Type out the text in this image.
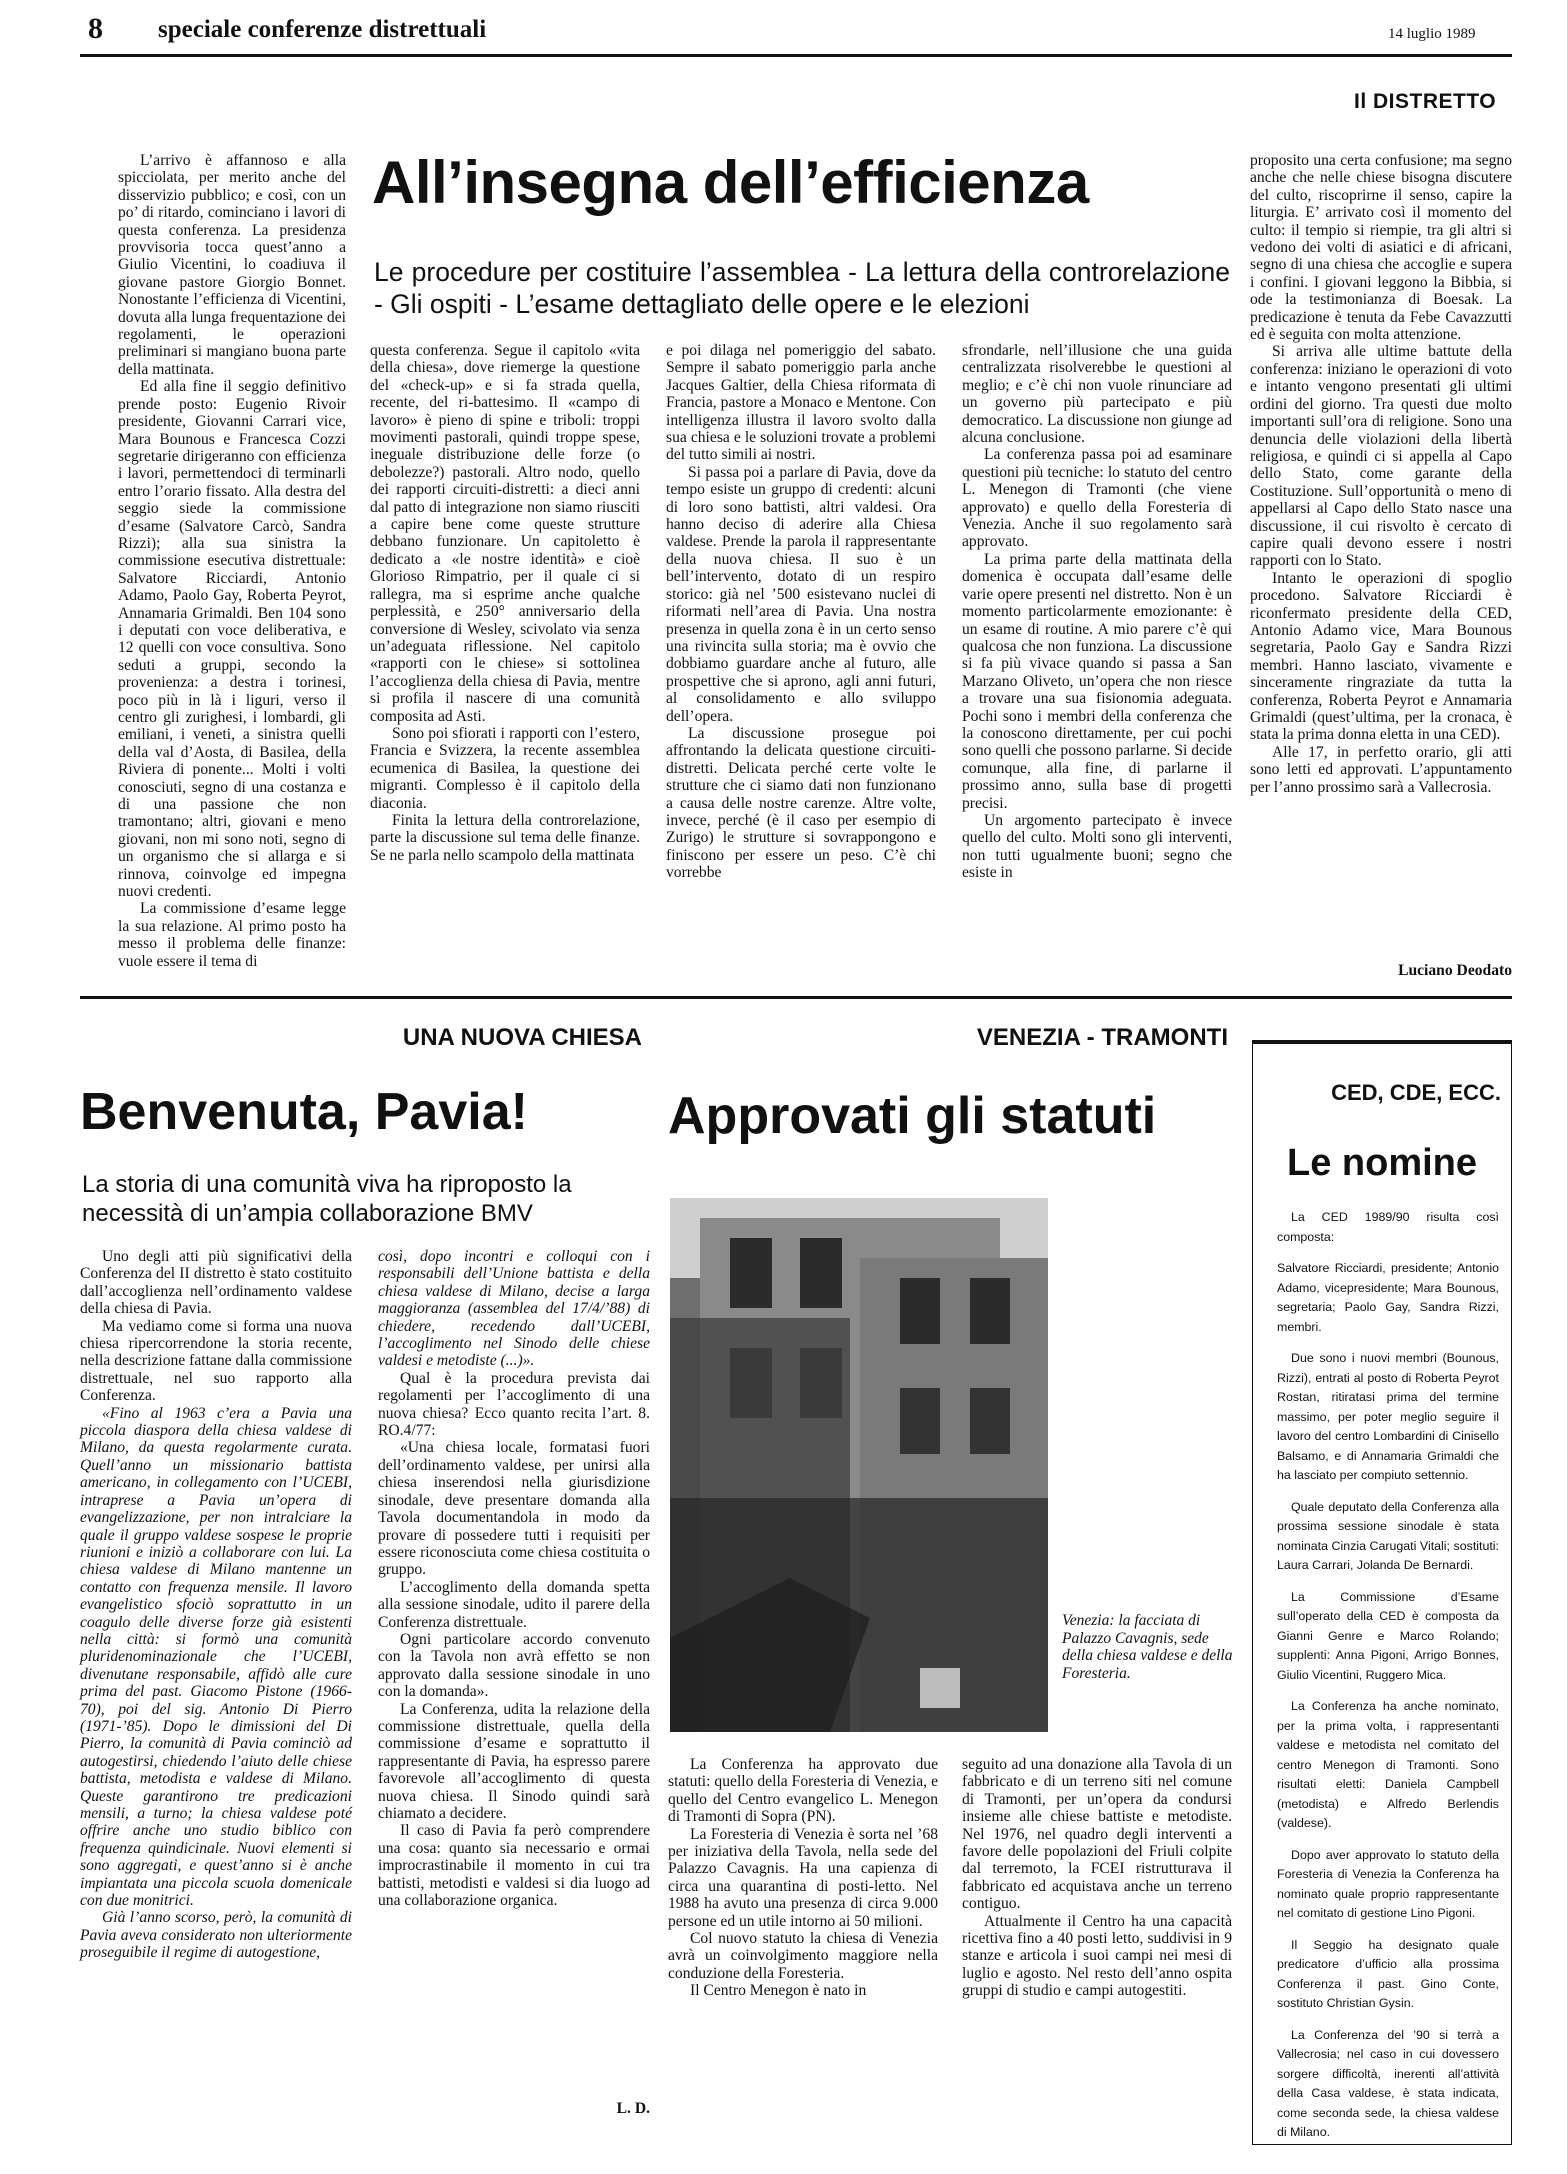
8 speciale conferenze distrettuali	14 luglio 1989
Il DISTRETTO
All’insegna dell’efficienza
Le procedure per costituire l’assemblea - La lettura della controrelazione - Gli ospiti - L’esame dettagliato delle opere e le elezioni

L’arrivo è affannoso e alla spicciolata, per merito anche del disservizio pubblico; e così, con un po’ di ritardo, cominciano i lavori di questa conferenza. La presidenza provvisoria tocca quest’anno a Giulio Vicentini, lo coadiuva il giovane pastore Giorgio Bonnet. Nonostante l’efficienza di Vicentini, dovuta alla lunga frequentazione dei regolamenti, le operazioni preliminari si mangiano buona parte della mattinata.

Ed alla fine il seggio definitivo prende posto: Eugenio Rivoir presidente, Giovanni Carrari vice, Mara Bounous e Francesca Cozzi segretarie dirigeranno con efficienza i lavori, permettendoci di terminarli entro l’orario fissato. Alla destra del seggio siede la commissione d’esame (Salvatore Carcò, Sandra Rizzi); alla sua sinistra la commissione esecutiva distrettuale: Salvatore Ricciardi, Antonio Adamo, Paolo Gay, Roberta Peyrot, Annamaria Grimaldi. Ben 104 sono i deputati con voce deliberativa, e 12 quelli con voce consultiva. Sono seduti a gruppi, secondo la provenienza: a destra i torinesi, poco più in là i liguri, verso il centro gli zurighesi, i lombardi, gli emiliani, i veneti, a sinistra quelli della val d’Aosta, di Basilea, della Riviera di ponente... Molti i volti conosciuti, segno di una costanza e di una passione che non tramontano; altri, giovani e meno giovani, non mi sono noti, segno di un organismo che si allarga e si rinnova, coinvolge ed impegna nuovi credenti.

La commissione d’esame legge la sua relazione. Al primo posto ha messo il problema delle finanze: vuole essere il tema di

questa conferenza. Segue il capitolo «vita della chiesa», dove riemerge la questione del «check-up» e si fa strada quella, recente, del ri-battesimo. Il «campo di lavoro» è pieno di spine e triboli: troppi movimenti pastorali, quindi troppe spese, ineguale distribuzione delle forze (o debolezze?) pastorali. Altro nodo, quello dei rapporti circuiti-distretti: a dieci anni dal patto di integrazione non siamo riusciti a capire bene come queste strutture debbano funzionare. Un capitoletto è dedicato a «le nostre identità» e cioè Glorioso Rimpatrio, per il quale ci si rallegra, ma si esprime anche qualche perplessità, e 250° anniversario della conversione di Wesley, scivolato via senza un’adeguata riflessione. Nel capitolo «rapporti con le chiese» si sottolinea l’accoglienza della chiesa di Pavia, mentre si profila il nascere di una comunità composita ad Asti.

Sono poi sfiorati i rapporti con l’estero, Francia e Svizzera, la recente assemblea ecumenica di Basilea, la questione dei migranti. Complesso è il capitolo della diaconia.

Finita la lettura della controrelazione, parte la discussione sul tema delle finanze. Se ne parla nello scampolo della mattinata

e poi dilaga nel pomeriggio del sabato. Sempre il sabato pomeriggio parla anche Jacques Galtier, della Chiesa riformata di Francia, pastore a Monaco e Mentone. Con intelligenza illustra il lavoro svolto dalla sua chiesa e le soluzioni trovate a problemi del tutto simili ai nostri.

Si passa poi a parlare di Pavia, dove da tempo esiste un gruppo di credenti: alcuni di loro sono battisti, altri valdesi. Ora hanno deciso di aderire alla Chiesa valdese. Prende la parola il rappresentante della nuova chiesa. Il suo è un bell’intervento, dotato di un respiro storico: già nel ’500 esistevano nuclei di riformati nell’area di Pavia. Una nostra presenza in quella zona è in un certo senso una rivincita sulla storia; ma è ovvio che dobbiamo guardare anche al futuro, alle prospettive che si aprono, agli anni futuri, al consolidamento e allo sviluppo dell’opera.

La discussione prosegue poi affrontando la delicata questione circuiti-distretti. Delicata perché certe volte le strutture che ci siamo dati non funzionano a causa delle nostre carenze. Altre volte, invece, perché (è il caso per esempio di Zurigo) le strutture si sovrappongono e finiscono per essere un peso. C’è chi vorrebbe

sfrondarle, nell’illusione che una guida centralizzata risolverebbe le questioni al meglio; e c’è chi non vuole rinunciare ad un governo più partecipato e più democratico. La discussione non giunge ad alcuna conclusione.

La conferenza passa poi ad esaminare questioni più tecniche: lo statuto del centro L. Menegon di Tramonti (che viene approvato) e quello della Foresteria di Venezia. Anche il suo regolamento sarà approvato.

La prima parte della mattinata della domenica è occupata dall’esame delle varie opere presenti nel distretto. Non è un momento particolarmente emozionante: è un esame di routine. A mio parere c’è qui qualcosa che non funziona. La discussione si fa più vivace quando si passa a San Marzano Oliveto, un’opera che non riesce a trovare una sua fisionomia adeguata. Pochi sono i membri della conferenza che la conoscono direttamente, per cui pochi sono quelli che possono parlarne. Si decide comunque, alla fine, di parlarne il prossimo anno, sulla base di progetti precisi.

Un argomento partecipato è invece quello del culto. Molti sono gli interventi, non tutti ugualmente buoni; segno che esiste in

proposito una certa confusione; ma segno anche che nelle chiese bisogna discutere del culto, riscoprirne il senso, capire la liturgia. E’ arrivato così il momento del culto: il tempio si riempie, tra gli altri si vedono dei volti di asiatici e di africani, segno di una chiesa che accoglie e supera i confini. I giovani leggono la Bibbia, si ode la testimonianza di Boesak. La predicazione è tenuta da Febe Cavazzutti ed è seguita con molta attenzione.

Si arriva alle ultime battute della conferenza: iniziano le operazioni di voto e intanto vengono presentati gli ultimi ordini del giorno. Tra questi due molto importanti sull’ora di religione. Sono una denuncia delle violazioni della libertà religiosa, e quindi ci si appella al Capo dello Stato, come garante della Costituzione. Sull’opportunità o meno di appellarsi al Capo dello Stato nasce una discussione, il cui risvolto è cercato di capire quali devono essere i nostri rapporti con lo Stato.

Intanto le operazioni di spoglio procedono. Salvatore Ricciardi è riconfermato presidente della CED, Antonio Adamo vice, Mara Bounous segretaria, Paolo Gay e Sandra Rizzi membri. Hanno lasciato, vivamente e sinceramente ringraziate da tutta la conferenza, Roberta Peyrot e Annamaria Grimaldi (quest’ultima, per la cronaca, è stata la prima donna eletta in una CED).

Alle 17, in perfetto orario, gli atti sono letti ed approvati. L’appuntamento per l’anno prossimo sarà a Vallecrosia.

Luciano Deodato
UNA NUOVA CHIESA
Benvenuta, Pavia!
La storia di una comunità viva ha riproposto la necessità di un’ampia collaborazione BMV

Uno degli atti più significativi della Conferenza del II distretto è stato costituito dall’accoglienza nell’ordinamento valdese della chiesa di Pavia.

Ma vediamo come si forma una nuova chiesa ripercorrendone la storia recente, nella descrizione fattane dalla commissione distrettuale, nel suo rapporto alla Conferenza.

«Fino al 1963 c’era a Pavia una piccola diaspora della chiesa valdese di Milano, da questa regolarmente curata. Quell’anno un missionario battista americano, in collegamento con l’UCEBI, intraprese a Pavia un’opera di evangelizzazione, per non intralciare la quale il gruppo valdese sospese le proprie riunioni e iniziò a collaborare con lui. La chiesa valdese di Milano mantenne un contatto con frequenza mensile. Il lavoro evangelistico sfociò soprattutto in un coagulo delle diverse forze già esistenti nella città: si formò una comunità pluridenominazionale che l’UCEBI, divenutane responsabile, affidò alle cure prima del past. Giacomo Pistone (1966-70), poi del sig. Antonio Di Pierro (1971-’85). Dopo le dimissioni del Di Pierro, la comunità di Pavia cominciò ad autogestirsi, chiedendo l’aiuto delle chiese battista, metodista e valdese di Milano. Queste garantirono tre predicazioni mensili, a turno; la chiesa valdese poté offrire anche uno studio biblico con frequenza quindicinale. Nuovi elementi si sono aggregati, e quest’anno si è anche impiantata una piccola scuola domenicale con due monitrici.

Già l’anno scorso, però, la comunità di Pavia aveva considerato non ulteriormente proseguibile il regime di autogestione,

così, dopo incontri e colloqui con i responsabili dell’Unione battista e della chiesa valdese di Milano, decise a larga maggioranza (assemblea del 17/4/’88) di chiedere, recedendo dall’UCEBI, l’accoglimento nel Sinodo delle chiese valdesi e metodiste (...)».

Qual è la procedura prevista dai regolamenti per l’accoglimento di una nuova chiesa? Ecco quanto recita l’art. 8. RO.4/77:

«Una chiesa locale, formatasi fuori dell’ordinamento valdese, per unirsi alla chiesa inserendosi nella giurisdizione sinodale, deve presentare domanda alla Tavola documentandola in modo da provare di possedere tutti i requisiti per essere riconosciuta come chiesa costituita o gruppo.

L’accoglimento della domanda spetta alla sessione sinodale, udito il parere della Conferenza distrettuale.

Ogni particolare accordo convenuto con la Tavola non avrà effetto se non approvato dalla sessione sinodale in uno con la domanda».

La Conferenza, udita la relazione della commissione distrettuale, quella della commissione d’esame e soprattutto il rappresentante di Pavia, ha espresso parere favorevole all’accoglimento di questa nuova chiesa. Il Sinodo quindi sarà chiamato a decidere.

Il caso di Pavia fa però comprendere una cosa: quanto sia necessario e ormai improcrastinabile il momento in cui tra battisti, metodisti e valdesi si dia luogo ad una collaborazione organica.

L. D.
VENEZIA - TRAMONTI
Approvati gli statuti
Venezia: la facciata di Palazzo Cavagnis, sede della chiesa valdese e della Foresteria.

La Conferenza ha approvato due statuti: quello della Foresteria di Venezia, e quello del Centro evangelico L. Menegon di Tramonti di Sopra (PN).

La Foresteria di Venezia è sorta nel ’68 per iniziativa della Tavola, nella sede del Palazzo Cavagnis. Ha una capienza di circa una quarantina di posti-letto. Nel 1988 ha avuto una presenza di circa 9.000 persone ed un utile intorno ai 50 milioni.

Col nuovo statuto la chiesa di Venezia avrà un coinvolgimento maggiore nella conduzione della Foresteria.

Il Centro Menegon è nato in

seguito ad una donazione alla Tavola di un fabbricato e di un terreno siti nel comune di Tramonti, per un’opera da condursi insieme alle chiese battiste e metodiste. Nel 1976, nel quadro degli interventi a favore delle popolazioni del Friuli colpite dal terremoto, la FCEI ristrutturava il fabbricato ed acquistava anche un terreno contiguo.

Attualmente il Centro ha una capacità ricettiva fino a 40 posti letto, suddivisi in 9 stanze e articola i suoi campi nei mesi di luglio e agosto. Nel resto dell’anno ospita gruppi di studio e campi autogestiti.

CED, CDE, ECC.
Le nomine

La CED 1989/90 risulta così composta:

Salvatore Ricciardi, presidente; Antonio Adamo, vicepresidente; Mara Bounous, segretaria; Paolo Gay, Sandra Rizzi, membri.

Due sono i nuovi membri (Bounous, Rizzi), entrati al posto di Roberta Peyrot Rostan, ritiratasi prima del termine massimo, per poter meglio seguire il lavoro del centro Lombardini di Cinisello Balsamo, e di Annamaria Grimaldi che ha lasciato per compiuto settennio.

Quale deputato della Conferenza alla prossima sessione sinodale è stata nominata Cinzia Carugati Vitali; sostituti: Laura Carrari, Jolanda De Bernardi.

La Commissione d’Esame sull’operato della CED è composta da Gianni Genre e Marco Rolando; supplenti: Anna Pigoni, Arrigo Bonnes, Giulio Vicentini, Ruggero Mica.

La Conferenza ha anche nominato, per la prima volta, i rappresentanti valdese e metodista nel comitato del centro Menegon di Tramonti. Sono risultati eletti: Daniela Campbell (metodista) e Alfredo Berlendis (valdese).

Dopo aver approvato lo statuto della Foresteria di Venezia la Conferenza ha nominato quale proprio rappresentante nel comitato di gestione Lino Pigoni.

Il Seggio ha designato quale predicatore d’ufficio alla prossima Conferenza il past. Gino Conte, sostituto Christian Gysin.

La Conferenza del ’90 si terrà a Vallecrosia; nel caso in cui dovessero sorgere difficoltà, inerenti all’attività della Casa valdese, è stata indicata, come seconda sede, la chiesa valdese di Milano.
